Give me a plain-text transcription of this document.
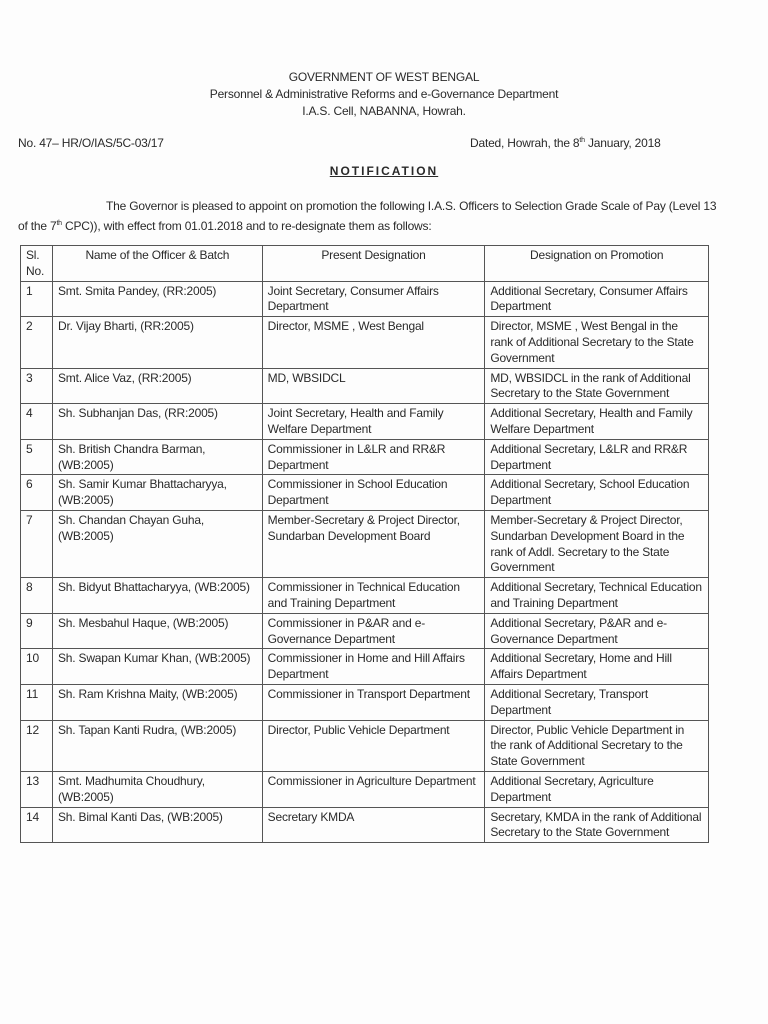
GOVERNMENT OF WEST BENGAL
Personnel & Administrative Reforms and e-Governance Department
I.A.S. Cell, NABANNA, Howrah.
No. 47– HR/O/IAS/5C-03/17	Dated, Howrah, the 8th January, 2018
NOTIFICATION
The Governor is pleased to appoint on promotion the following I.A.S. Officers to Selection Grade Scale of Pay (Level 13 of the 7th CPC)), with effect from 01.01.2018 and to re-designate them as follows:
Sl. No.	Name of the Officer & Batch	Present Designation	Designation on Promotion
1	Smt. Smita Pandey, (RR:2005)	Joint Secretary, Consumer Affairs Department	Additional Secretary, Consumer Affairs Department
2	Dr. Vijay Bharti, (RR:2005)	Director, MSME , West Bengal	Director, MSME , West Bengal in the rank of Additional Secretary to the State Government
3	Smt. Alice Vaz, (RR:2005)	MD, WBSIDCL	MD, WBSIDCL in the rank of Additional Secretary to the State Government
4	Sh. Subhanjan Das, (RR:2005)	Joint Secretary, Health and Family Welfare Department	Additional Secretary, Health and Family Welfare Department
5	Sh. British Chandra Barman, (WB:2005)	Commissioner in L&LR and RR&R Department	Additional Secretary, L&LR and RR&R Department
6	Sh. Samir Kumar Bhattacharyya, (WB:2005)	Commissioner in School Education Department	Additional Secretary, School Education Department
7	Sh. Chandan Chayan Guha, (WB:2005)	Member-Secretary & Project Director, Sundarban Development Board	Member-Secretary & Project Director, Sundarban Development Board in the rank of Addl. Secretary to the State Government
8	Sh. Bidyut Bhattacharyya, (WB:2005)	Commissioner in Technical Education and Training Department	Additional Secretary, Technical Education and Training Department
9	Sh. Mesbahul Haque, (WB:2005)	Commissioner in P&AR and e-Governance Department	Additional Secretary, P&AR and e-Governance Department
10	Sh. Swapan Kumar Khan, (WB:2005)	Commissioner in Home and Hill Affairs Department	Additional Secretary, Home and Hill Affairs Department
11	Sh. Ram Krishna Maity, (WB:2005)	Commissioner in Transport Department	Additional Secretary, Transport Department
12	Sh. Tapan Kanti Rudra, (WB:2005)	Director, Public Vehicle Department	Director, Public Vehicle Department in the rank of Additional Secretary to the State Government
13	Smt. Madhumita Choudhury, (WB:2005)	Commissioner in Agriculture Department	Additional Secretary, Agriculture Department
14	Sh. Bimal Kanti Das, (WB:2005)	Secretary KMDA	Secretary, KMDA in the rank of Additional Secretary to the State Government
